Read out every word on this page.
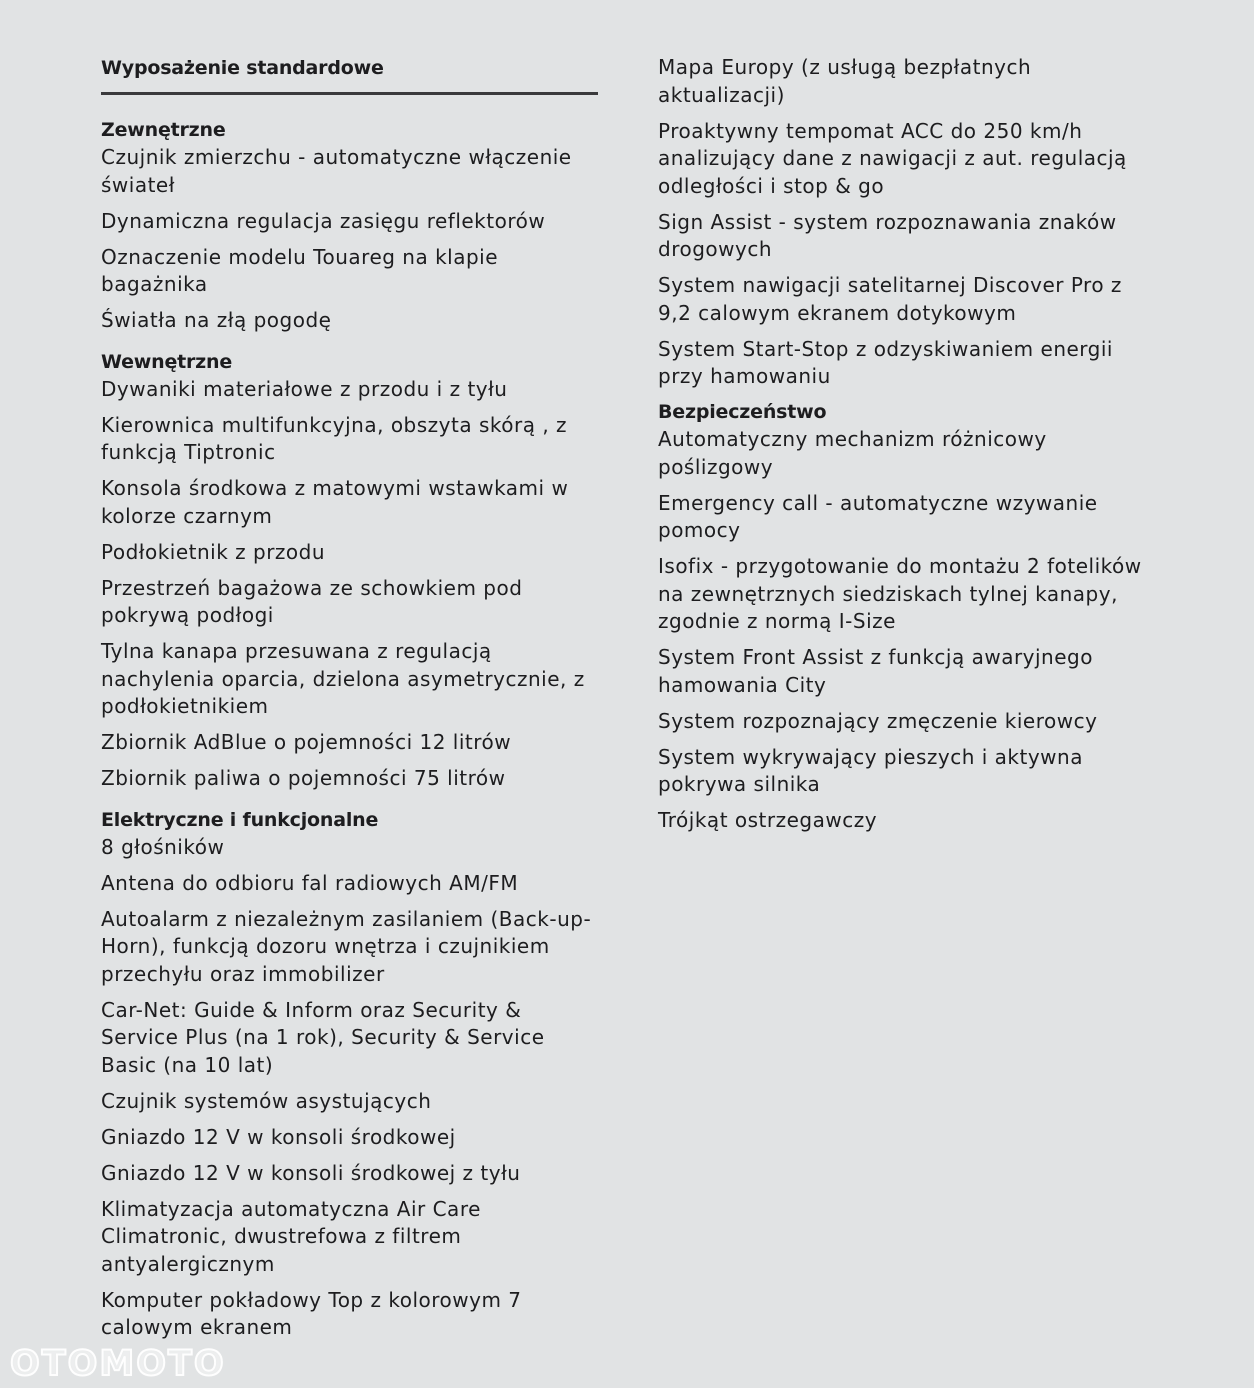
Wyposażenie standardowe
Zewnętrzne
Czujnik zmierzchu - automatyczne włączenie świateł
Dynamiczna regulacja zasięgu reflektorów
Oznaczenie modelu Touareg na klapie bagażnika
Światła na złą pogodę
Wewnętrzne
Dywaniki materiałowe z przodu i z tyłu
Kierownica multifunkcyjna, obszyta skórą , z funkcją Tiptronic
Konsola środkowa z matowymi wstawkami w kolorze czarnym
Podłokietnik z przodu
Przestrzeń bagażowa ze schowkiem pod pokrywą podłogi
Tylna kanapa przesuwana z regulacją nachylenia oparcia, dzielona asymetrycznie, z podłokietnikiem
Zbiornik AdBlue o pojemności 12 litrów
Zbiornik paliwa o pojemności 75 litrów
Elektryczne i funkcjonalne
8 głośników
Antena do odbioru fal radiowych AM/FM
Autoalarm z niezależnym zasilaniem (Back-up-Horn), funkcją dozoru wnętrza i czujnikiem przechyłu oraz immobilizer
Car-Net: Guide & Inform oraz Security & Service Plus (na 1 rok), Security & Service Basic (na 10 lat)
Czujnik systemów asystujących
Gniazdo 12 V w konsoli środkowej
Gniazdo 12 V w konsoli środkowej z tyłu
Klimatyzacja automatyczna Air Care Climatronic, dwustrefowa z filtrem antyalergicznym
Komputer pokładowy Top z kolorowym 7 calowym ekranem
Mapa Europy (z usługą bezpłatnych aktualizacji)
Proaktywny tempomat ACC do 250 km/h analizujący dane z nawigacji z aut. regulacją odległości i stop & go
Sign Assist - system rozpoznawania znaków drogowych
System nawigacji satelitarnej Discover Pro z 9,2 calowym ekranem dotykowym
System Start-Stop z odzyskiwaniem energii przy hamowaniu
Bezpieczeństwo
Automatyczny mechanizm różnicowy poślizgowy
Emergency call - automatyczne wzywanie pomocy
Isofix - przygotowanie do montażu 2 fotelików na zewnętrznych siedziskach tylnej kanapy, zgodnie z normą I-Size
System Front Assist z funkcją awaryjnego hamowania City
System rozpoznający zmęczenie kierowcy
System wykrywający pieszych i aktywna pokrywa silnika
Trójkąt ostrzegawczy
OTOMOTO
